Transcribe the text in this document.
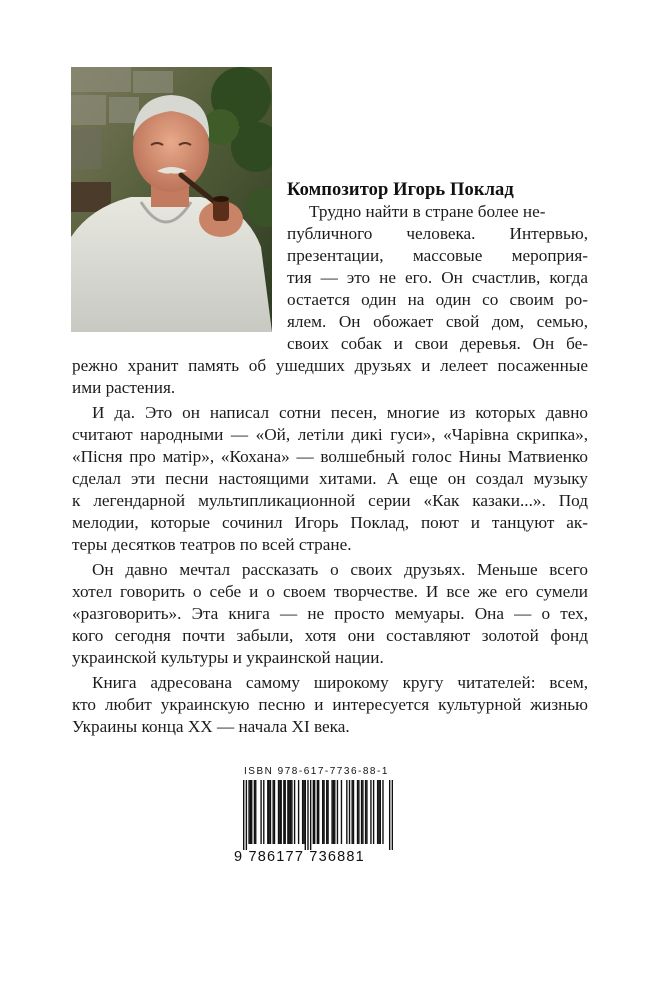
Композитор Игорь Поклад
Трудно найти в стране более не-
публичного человека. Интервью,
презентации, массовые мероприя-
тия — это не его. Он счастлив, когда
остается один на один со своим ро-
ялем. Он обожает свой дом, семью,
своих собак и свои деревья. Он бе-
режно хранит память об ушедших друзьях и лелеет посаженные
ими растения.
И да. Это он написал сотни песен, многие из которых давно
считают народными — «Ой, летіли дикі гуси», «Чарівна скрипка»,
«Пісня про матір», «Кохана» — волшебный голос Нины Матвиенко
сделал эти песни настоящими хитами. А еще он создал музыку
к легендарной мультипликационной серии «Как казаки...». Под
мелодии, которые сочинил Игорь Поклад, поют и танцуют ак-
теры десятков театров по всей стране.
Он давно мечтал рассказать о своих друзьях. Меньше всего
хотел говорить о себе и о своем творчестве. И все же его сумели
«разговорить». Эта книга — не просто мемуары. Она — о тех,
кого сегодня почти забыли, хотя они составляют золотой фонд
украинской культуры и украинской нации.
Книга адресована самому широкому кругу читателей: всем,
кто любит украинскую песню и интересуется культурной жизнью
Украины конца XX — начала XI века.
ISBN 978-617-7736-88-1
9 786177 736881
